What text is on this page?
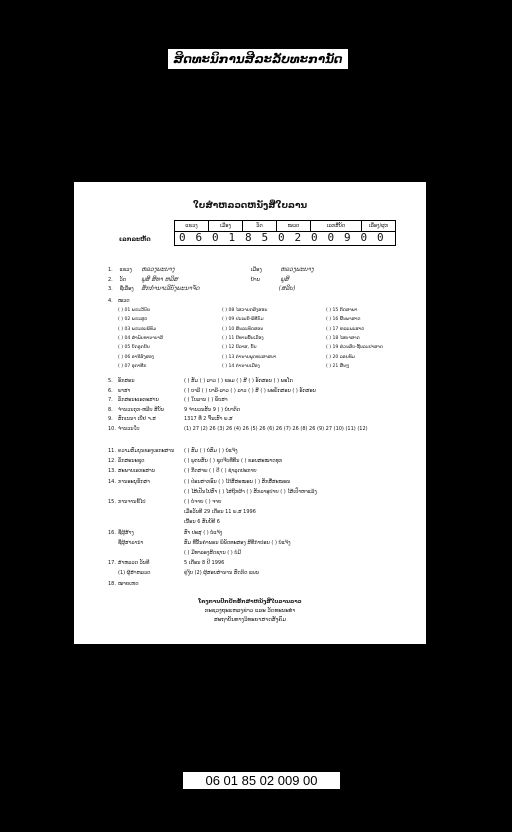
ສິດທະນິການສີລະລັບທະການັດ ມັກ4
ໃບສຳຫລວດຫນັງສືໃບລານ
ແຂວງ	ເມືອງ	ວັດ	ໝວດ	ເລກສືບັດ	ເລື່ອງ/ຜູກ

ເລກລະຫັດ	0 6 0 1 8 5 0 2 0 0 9 0 0
1. ແຂວງ ຫລວງພະບາງ	ເມືອງ	ຫລວງພະບາງ
2. ວັດ	ພູສີ ສີທາ ຫລີສ	ບ້ານ	ພູສີ
3. ຊື່ເລື່ອງ ສັກກໍານາເລີບັງພະນາຈັດ	(ສລີບ)
4. ໝວດ
( ) 01 ພຣະວີນັຍ	( ) 08 ໄສວານກສົງສອນ	( ) 15 ກິດສາພາ
( ) 02 ພຣະສູດ	( ) 09 ປະເພນີ-ພິທີກັມ	( ) 16 ພື້ນພາສາດ
( ) 03 ພຣະອະພິທັມ	( ) 10 ສິນລະທົດສອນ	( ) 17 ຫລະພະສາດ
( ) 04 ສຳພັນທານາບາລີ	( ) 11 ນີທານພື້ນເມືອງ	( ) 18 ໄສຍາສາດ
( ) 05 ບິດອູດນີນ	( ) 12 ນິລາສ, ນັ້ນ	( ) 19 ສ່ວນສັບ-ຊີ້ນລະປາສາດ
( ) 06 ອານີສົງສອງ	( ) 13 ຕຳນານພູດທະສາສນາ	( ) 20 ລອນທັມ
( ) 07 ອຸກາທີກ	( ) 14 ຕຳນານເມືອງ	( ) 21 ສື່ນໆ
5. ອັກສອນ	( ) ສັມ ( ) ລາວ ( ) ຂອມ ( ) ສີ ( ) ອັກສອນ ( ) ພະໂກ
6. ພາສາ	( ) ບາລີ ( ) ບາລີ-ລາວ ( ) ລາວ ( ) ສີ ( ) ພະພັກສອນ ( ) ອັກສອນ
7. ລັກສະນະເອກະສານ	( ) ໃບລານ ( ) ພັບສາ
8. ຈຳນວນກຸກ-ຫລີບ ສີບັນ	9 ຈຳນວນສັນ 9 ( ) ບໍ່ບາຕິດ
9. ສົກເນນາ ເບີ່ຢ ຈ.ສ	1317 ທີ່ 2 ຈົ້ນເສົາ ພ.ສ
10. ຈຳນວນໃບ	(1) 27 (2) 26 (3) 26 (4) 26 (5) 26 (6) 26 (7) 26 (8) 26 (9) 27 (10) (11) (12)
11. ຄວາມສົມບູນຂອງເອກະສານ ( ) ສົມ ( ) ບໍ່ສົມ ( ) ບໍ່ແຈ້ງ
12. ລັກສະນະຊຸດ	( ) ພູຕນສັນ ( ) ຊຸດຈີບທີ່ທີ່ນ ( ) ຂອບສະໝາດທຸກ
13. ສະພາບເອກະສານ	( ) ກີ່ດສາພ ( ) ດີ ( ) ຊໍາລຸດປະກາຍ
14. ການອະນຸຮັກສາ	( ) ປ່ອນສາກອົນ ( ) ໄດ້ສີ່ສະໝອນ ( ) ສັກສື່ສະໝອນ
( ) ໄສ້ເປັນໄປສົາ ( ) ໄສ່ຖີກຜ້າ ( ) ສັກລາອຸປາຍ ( ) ໄສ້ເປົາຫາແລ້ງ
15. ການຈານຂີ້ໄປ	( ) ບໍ່ຈາຍ ( ) ຈາຍ
ເມື່ອວັນທີ 29 ເດືອນ 11 ພ.ສ 1996
ເນື້ອນ 6 ສັນບັທີ 6
16. ຊື່ຜູ້ສ້າງ	ສົາ ປະສຸ ( ) ບໍ່ແຈ້ງ
ຊື່ຜູ້ສາລານຳ	ສົມ ທີ່ນັ້ນຄຳພອນ ພິພັດທະສອງ ສີທີ່ກຳປອນ ( ) ບໍ່ແຈ້ງ
( ) ມີທາລອງສີດຊານ ( ) ບໍ່ມີ
17. ສຳຫລວດ ວັນທີ	5 ເດືອນ 8 ປີ 1996
(1) ຜູ້ສຳຫລວດ	ຄູ່ງິບ (2) ຜູ້ສອບສ່ານານ ສົດກິດ ແພນ
18. ໝາຍເຫດ
ໂຄງການປົກປັກຮັກສາຫນັງສືໃບລານລາວ
ກະຊວງຖະແຫລງຂ່າວ ແລະ ວັດທະນະທຳ
ສະຖາບັນທາງວິທະຍາສາດສັງຄົມ
06 01 85 02 009 00
